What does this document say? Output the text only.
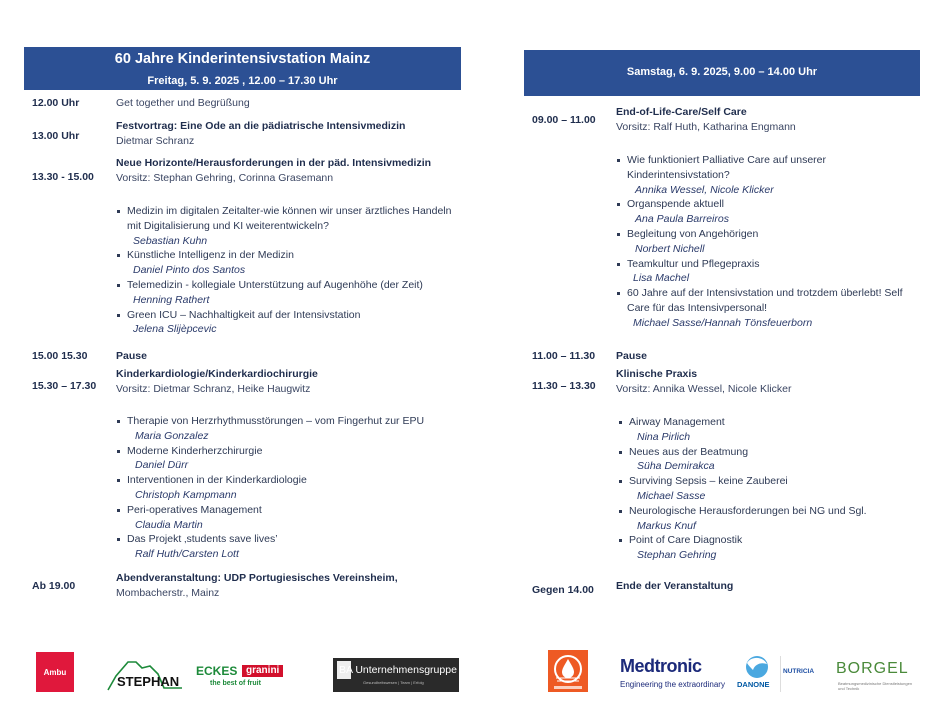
60 Jahre Kinderintensivstation Mainz
Freitag, 5. 9. 2025 , 12.00 – 17.30 Uhr
12.00 Uhr	Get together und Begrüßung
13.00 Uhr
Festvortrag: Eine Ode an die pädiatrische Intensivmedizin
Dietmar Schranz
13.30 - 15.00
Neue Horizonte/Herausforderungen in der päd. Intensivmedizin
Vorsitz: Stephan Gehring, Corinna Grasemann
Medizin im digitalen Zeitalter-wie können wir unser ärztliches Handeln mit Digitalisierung und KI weiterentwickeln?
Sebastian Kuhn
Künstliche Intelligenz in der Medizin
Daniel Pinto dos Santos
Telemedizin - kollegiale Unterstützung auf Augenhöhe (der Zeit)
Henning Rathert
Green ICU – Nachhaltigkeit auf der Intensivstation
Jelena Slijèpcevic
15.00 15.30	Pause
15.30 – 17.30
Kinderkardiologie/Kinderkardiochirurgie
Vorsitz: Dietmar Schranz, Heike Haugwitz
Therapie von Herzrhythmusstörungen – vom Fingerhut zur EPU
Maria Gonzalez
Moderne Kinderherzchirurgie
Daniel Dürr
Interventionen in der Kinderkardiologie
Christoph Kampmann
Peri-operatives Management
Claudia Martin
Das Projekt ‚students save lives’
Ralf Huth/Carsten Lott
Ab 19.00
Abendveranstaltung: UDP Portugiesisches Vereinsheim,
Mombacherstr., Mainz
Samstag, 6. 9. 2025, 9.00 – 14.00 Uhr
09.00 – 11.00
End-of-Life-Care/Self Care
Vorsitz: Ralf Huth, Katharina Engmann
Wie funktioniert Palliative Care auf unserer Kinderintensivstation?
Annika Wessel, Nicole Klicker
Organspende aktuell
Ana Paula Barreiros
Begleitung von Angehörigen
Norbert Nichell
Teamkultur und Pflegepraxis
Lisa Machel
60 Jahre auf der Intensivstation und trotzdem überlebt! Self Care für das Intensivpersonal!
Michael Sasse/Hannah Tönsfeuerborn
11.00 – 11.30 Pause
11.30 – 13.30
Klinische Praxis
Vorsitz: Annika Wessel, Nicole Klicker
Airway Management
Nina Pirlich
Neues aus der Beatmung
Süha Demirakca
Surviving Sepsis – keine Zauberei
Michael Sasse
Neurologische Herausforderungen bei NG und Sgl.
Markus Knuf
Point of Care Diagnostik
Stephan Gehring
Gegen 14.00 Ende der Veranstaltung
Ambu
STEPHAN
ECKES granini
the best of fruit
BA Unternehmensgruppe
Gesundheitswesen | Team | Erfolg
Medtronic
Engineering the extraordinary DANONE
NUTRICIA BORGEL
Beatmungsmedizinische Dienstleistungen und Technik
